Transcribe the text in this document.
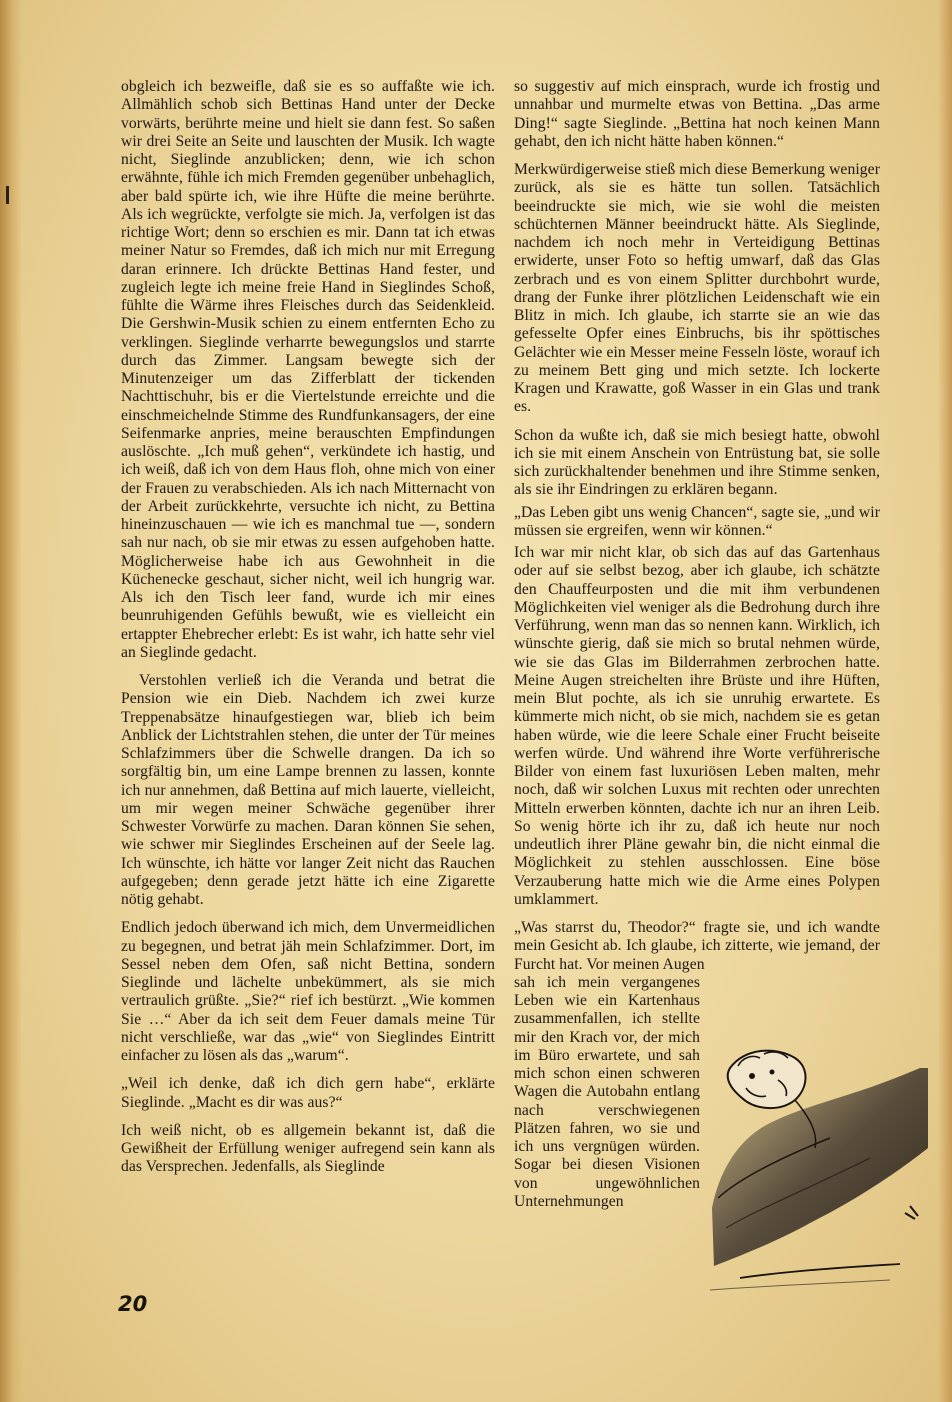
obgleich ich bezweifle, daß sie es so auffaßte wie ich. Allmählich schob sich Bettinas Hand unter der Decke vorwärts, berührte meine und hielt sie dann fest. So saßen wir drei Seite an Seite und lauschten der Musik. Ich wagte nicht, Sieglinde anzublicken; denn, wie ich schon erwähnte, fühle ich mich Fremden gegenüber unbehaglich, aber bald spürte ich, wie ihre Hüfte die meine berührte. Als ich wegrückte, verfolgte sie mich. Ja, verfolgen ist das richtige Wort; denn so erschien es mir. Dann tat ich etwas meiner Natur so Fremdes, daß ich mich nur mit Erregung daran erinnere. Ich drückte Bettinas Hand fester, und zugleich legte ich meine freie Hand in Sieglindes Schoß, fühlte die Wärme ihres Fleisches durch das Seidenkleid. Die Gershwin-Musik schien zu einem entfernten Echo zu verklingen. Sieglinde verharrte bewegungslos und starrte durch das Zimmer. Langsam bewegte sich der Minutenzeiger um das Zifferblatt der tickenden Nachttischuhr, bis er die Viertelstunde erreichte und die einschmeichelnde Stimme des Rundfunkansagers, der eine Seifenmarke anpries, meine berauschten Empfindungen auslöschte. „Ich muß gehen“, verkündete ich hastig, und ich weiß, daß ich von dem Haus floh, ohne mich von einer der Frauen zu verabschieden. Als ich nach Mitternacht von der Arbeit zurückkehrte, versuchte ich nicht, zu Bettina hineinzuschauen — wie ich es manchmal tue —, sondern sah nur nach, ob sie mir etwas zu essen aufgehoben hatte. Möglicherweise habe ich aus Gewohnheit in die Küchenecke geschaut, sicher nicht, weil ich hungrig war. Als ich den Tisch leer fand, wurde ich mir eines beunruhigenden Gefühls bewußt, wie es vielleicht ein ertappter Ehebrecher erlebt: Es ist wahr, ich hatte sehr viel an Sieglinde gedacht.

Verstohlen verließ ich die Veranda und betrat die Pension wie ein Dieb. Nachdem ich zwei kurze Treppenabsätze hinaufgestiegen war, blieb ich beim Anblick der Lichtstrahlen stehen, die unter der Tür meines Schlafzimmers über die Schwelle drangen. Da ich so sorgfältig bin, um eine Lampe brennen zu lassen, konnte ich nur annehmen, daß Bettina auf mich lauerte, vielleicht, um mir wegen meiner Schwäche gegenüber ihrer Schwester Vorwürfe zu machen. Daran können Sie sehen, wie schwer mir Sieglindes Erscheinen auf der Seele lag. Ich wünschte, ich hätte vor langer Zeit nicht das Rauchen aufgegeben; denn gerade jetzt hätte ich eine Zigarette nötig gehabt.

Endlich jedoch überwand ich mich, dem Unvermeidlichen zu begegnen, und betrat jäh mein Schlafzimmer. Dort, im Sessel neben dem Ofen, saß nicht Bettina, sondern Sieglinde und lächelte unbekümmert, als sie mich vertraulich grüßte. „Sie?“ rief ich bestürzt. „Wie kommen Sie …“ Aber da ich seit dem Feuer damals meine Tür nicht verschließe, war das „wie“ von Sieglindes Eintritt einfacher zu lösen als das „warum“.

„Weil ich denke, daß ich dich gern habe“, erklärte Sieglinde. „Macht es dir was aus?“

Ich weiß nicht, ob es allgemein bekannt ist, daß die Gewißheit der Erfüllung weniger aufregend sein kann als das Versprechen. Jedenfalls, als Sieglinde

so suggestiv auf mich einsprach, wurde ich frostig und unnahbar und murmelte etwas von Bettina. „Das arme Ding!“ sagte Sieglinde. „Bettina hat noch keinen Mann gehabt, den ich nicht hätte haben können.“

Merkwürdigerweise stieß mich diese Bemerkung weniger zurück, als sie es hätte tun sollen. Tatsächlich beeindruckte sie mich, wie sie wohl die meisten schüchternen Männer beeindruckt hätte. Als Sieglinde, nachdem ich noch mehr in Verteidigung Bettinas erwiderte, unser Foto so heftig umwarf, daß das Glas zerbrach und es von einem Splitter durchbohrt wurde, drang der Funke ihrer plötzlichen Leidenschaft wie ein Blitz in mich. Ich glaube, ich starrte sie an wie das gefesselte Opfer eines Einbruchs, bis ihr spöttisches Gelächter wie ein Messer meine Fesseln löste, worauf ich zu meinem Bett ging und mich setzte. Ich lockerte Kragen und Krawatte, goß Wasser in ein Glas und trank es.

Schon da wußte ich, daß sie mich besiegt hatte, obwohl ich sie mit einem Anschein von Entrüstung bat, sie solle sich zurückhaltender benehmen und ihre Stimme senken, als sie ihr Eindringen zu erklären begann.

„Das Leben gibt uns wenig Chancen“, sagte sie, „und wir müssen sie ergreifen, wenn wir können.“

Ich war mir nicht klar, ob sich das auf das Gartenhaus oder auf sie selbst bezog, aber ich glaube, ich schätzte den Chauffeurposten und die mit ihm verbundenen Möglichkeiten viel weniger als die Bedrohung durch ihre Verführung, wenn man das so nennen kann. Wirklich, ich wünschte gierig, daß sie mich so brutal nehmen würde, wie sie das Glas im Bilderrahmen zerbrochen hatte. Meine Augen streichelten ihre Brüste und ihre Hüften, mein Blut pochte, als ich sie unruhig erwartete. Es kümmerte mich nicht, ob sie mich, nachdem sie es getan haben würde, wie die leere Schale einer Frucht beiseite werfen würde. Und während ihre Worte verführerische Bilder von einem fast luxuriösen Leben malten, mehr noch, daß wir solchen Luxus mit rechten oder unrechten Mitteln erwerben könnten, dachte ich nur an ihren Leib. So wenig hörte ich ihr zu, daß ich heute nur noch undeutlich ihrer Pläne gewahr bin, die nicht einmal die Möglichkeit zu stehlen ausschlossen. Eine böse Verzauberung hatte mich wie die Arme eines Polypen umklammert.

„Was starrst du, Theodor?“ fragte sie, und ich wandte mein Gesicht ab. Ich glaube, ich zitterte, wie jemand, der Furcht hat. Vor meinen Augen
sah ich mein vergangenes Leben wie ein Kartenhaus zusammenfallen, ich stellte mir den Krach vor, der mich im Büro erwartete, und sah mich schon einen schweren Wagen die Autobahn entlang nach verschwiegenen Plätzen fahren, wo sie und ich uns vergnügen würden. Sogar bei diesen Visionen von ungewöhnlichen Unternehmungen
20
